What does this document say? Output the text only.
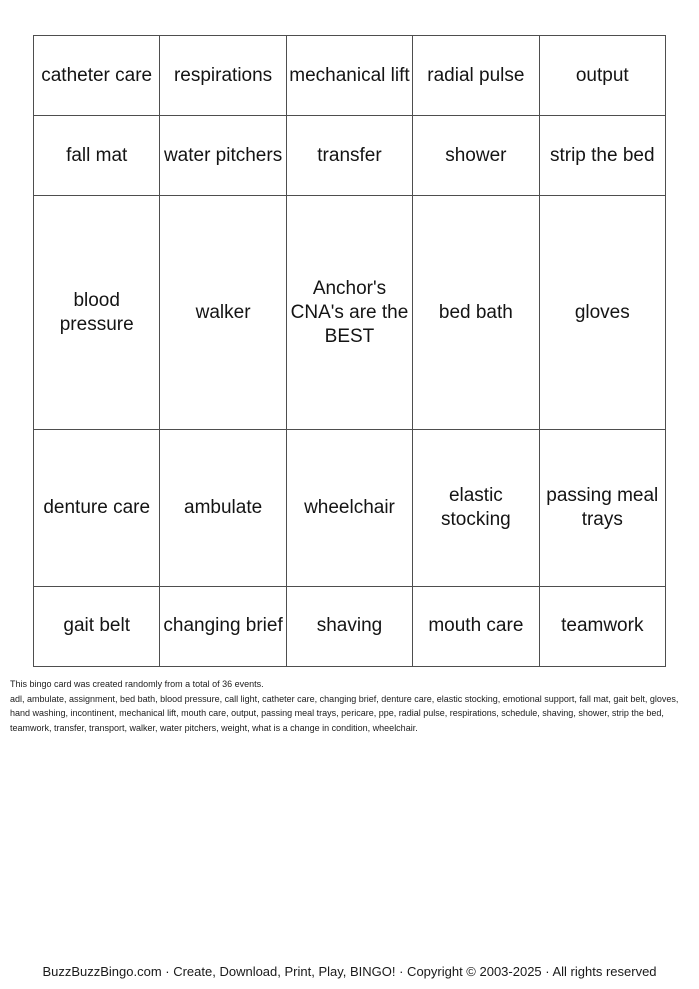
catheter care	respirations	mechanical lift	radial pulse	output
fall mat	water pitchers	transfer	shower	strip the bed
blood pressure	walker	Anchor's CNA's are the BEST	bed bath	gloves
denture care	ambulate	wheelchair	elastic stocking	passing meal trays
gait belt	changing brief	shaving	mouth care	teamwork
This bingo card was created randomly from a total of 36 events.
adl, ambulate, assignment, bed bath, blood pressure, call light, catheter care, changing brief, denture care, elastic stocking, emotional support, fall mat, gait belt, gloves, hand washing, incontinent, mechanical lift, mouth care, output, passing meal trays, pericare, ppe, radial pulse, respirations, schedule, shaving, shower, strip the bed, teamwork, transfer, transport, walker, water pitchers, weight, what is a change in condition, wheelchair.
BuzzBuzzBingo.com · Create, Download, Print, Play, BINGO! · Copyright © 2003-2025 · All rights reserved
